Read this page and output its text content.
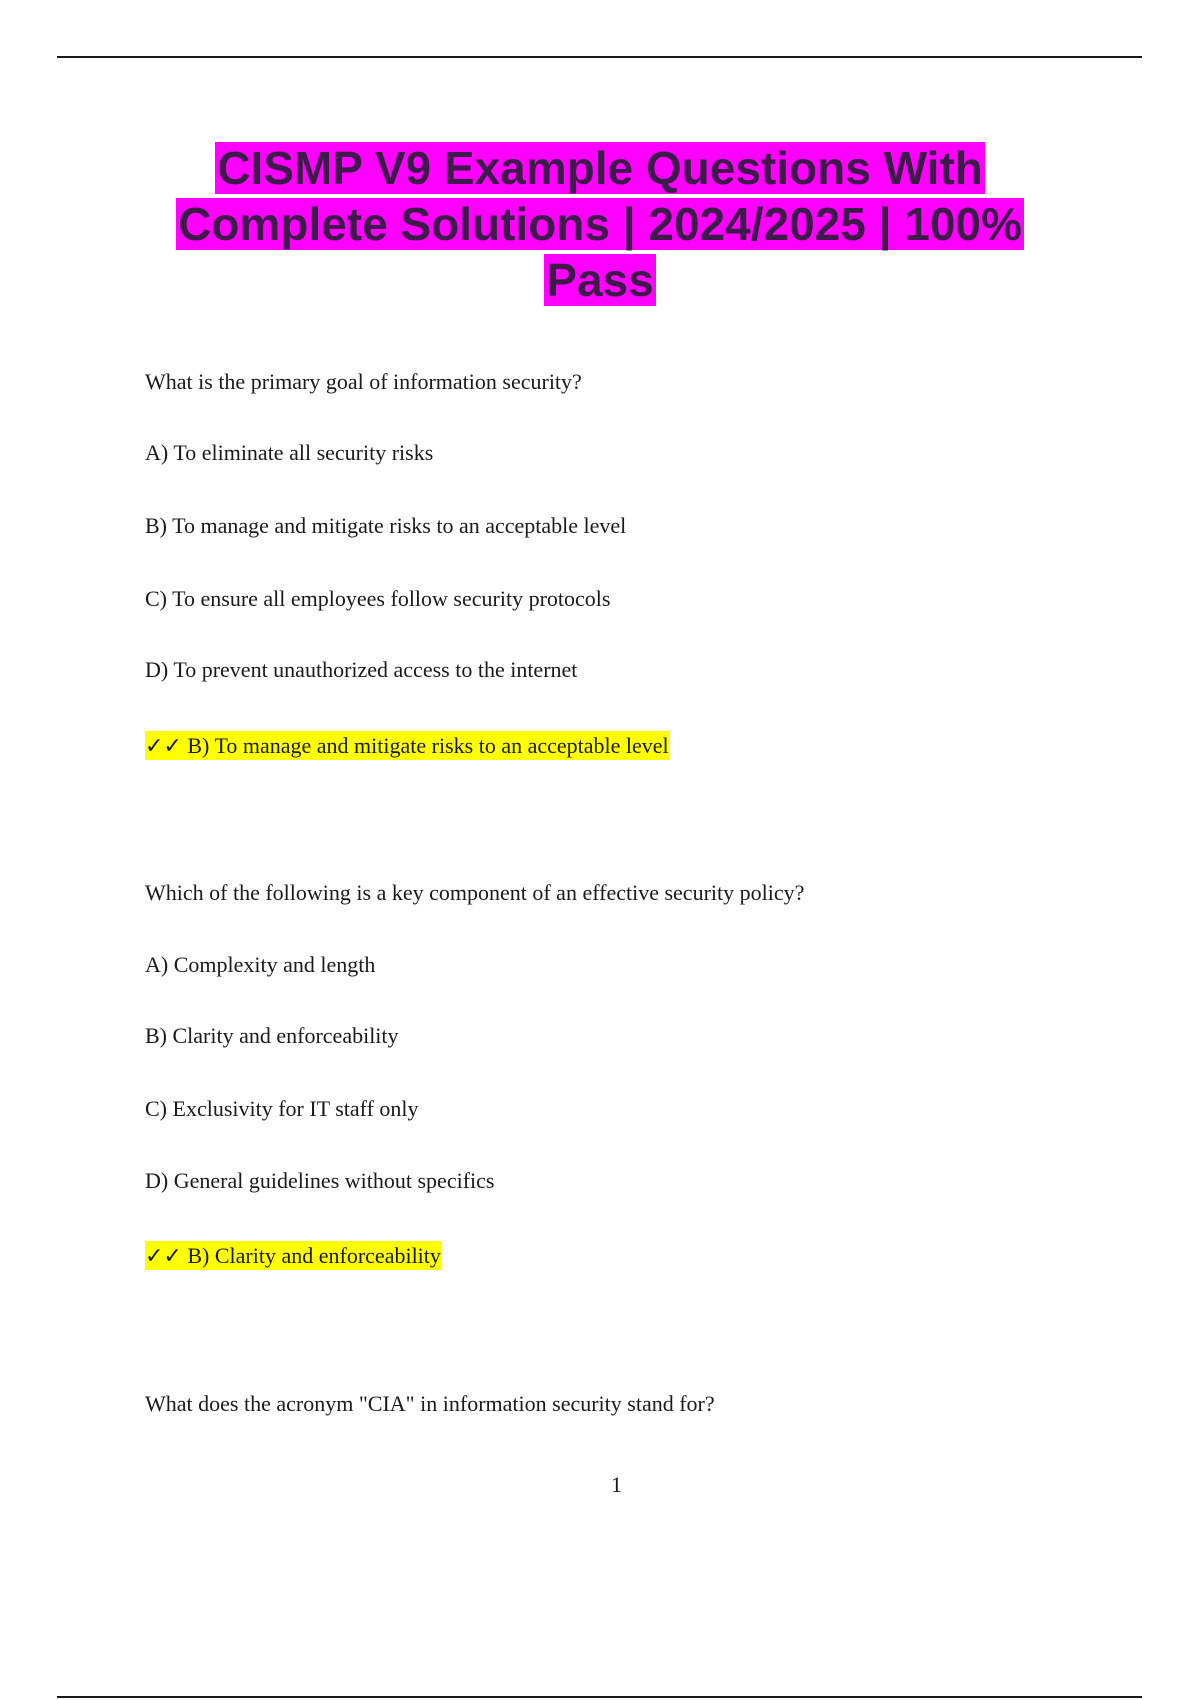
CISMP V9 Example Questions With Complete Solutions | 2024/2025 | 100% Pass
What is the primary goal of information security?
A) To eliminate all security risks
B) To manage and mitigate risks to an acceptable level
C) To ensure all employees follow security protocols
D) To prevent unauthorized access to the internet
✓✓ B) To manage and mitigate risks to an acceptable level
Which of the following is a key component of an effective security policy?
A) Complexity and length
B) Clarity and enforceability
C) Exclusivity for IT staff only
D) General guidelines without specifics
✓✓ B) Clarity and enforceability
What does the acronym "CIA" in information security stand for?
1
